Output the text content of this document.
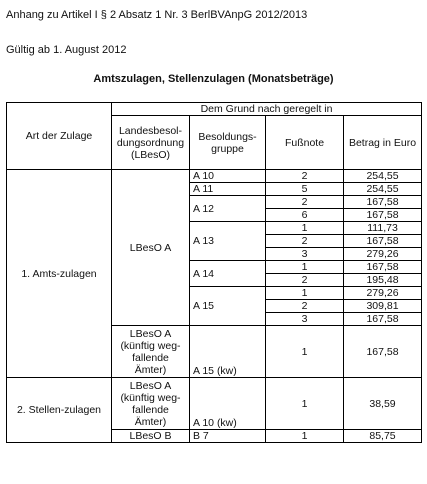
Anhang zu Artikel I § 2 Absatz 1 Nr. 3 BerlBVAnpG 2012/2013
Gültig ab 1. August 2012
Amtszulagen, Stellenzulagen (Monatsbeträge)
Art der Zulage	Dem Grund nach geregelt in			
	Landesbesol-dungsordnung (LBesO)	Besoldungs-gruppe	Fußnote	Betrag in Euro
1. Amts-zulagen	LBesO A	A 10	2	254,55
		A 11	5	254,55
		A 12	2	167,58
			6	167,58
		A 13	1	111,73
			2	167,58
			3	279,26
		A 14	1	167,58
			2	195,48
		A 15	1	279,26
			2	309,81
			3	167,58
	LBesO A (künftig weg-fallende Ämter)	A 15 (kw)	1	167,58
2. Stellen-zulagen	LBesO A (künftig weg-fallende Ämter)	A 10 (kw)	1	38,59
	LBesO B	B 7	1	85,75
